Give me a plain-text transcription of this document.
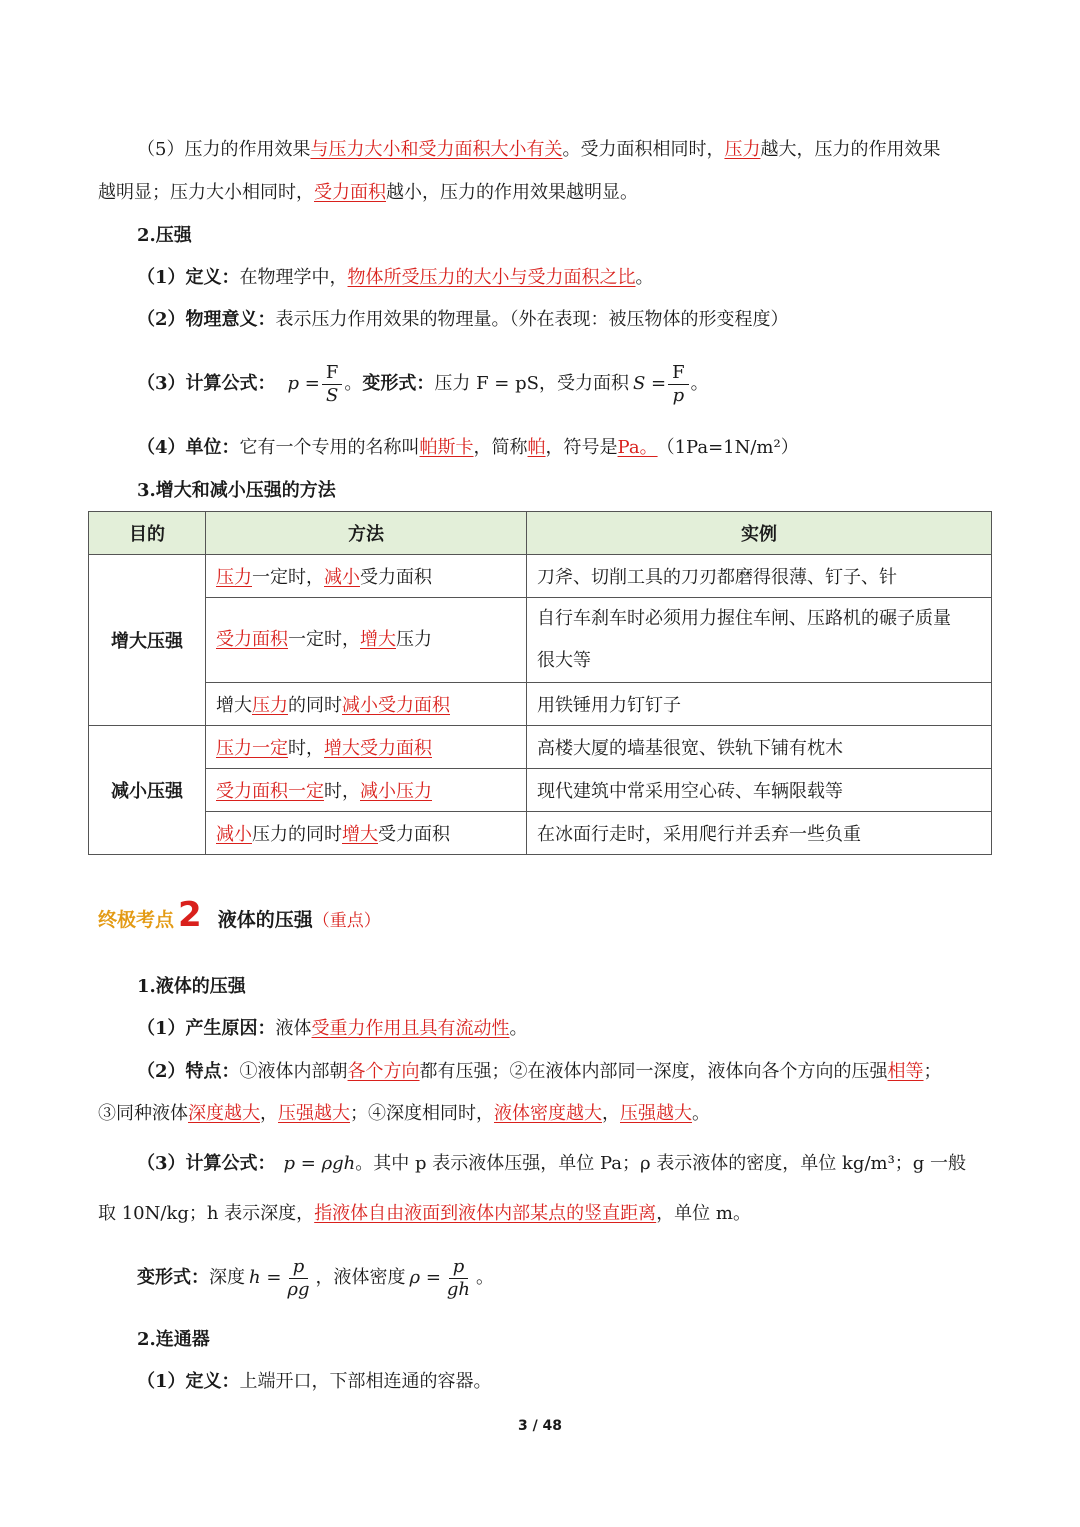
（5）压力的作用效果与压力大小和受力面积大小有关。受力面积相同时，压力越大，压力的作用效果
越明显；压力大小相同时，受力面积越小，压力的作用效果越明显。
2.压强
（1）定义：在物理学中，物体所受压力的大小与受力面积之比。
（2）物理意义：表示压力作用效果的物理量。（外在表现：被压物体的形变程度）
（3）计算公式： $p = \frac{F}{S}$ 。 变形式： 压力 F = pS，受力面积 $S = \frac{F}{p}$ 。
（4）单位：它有一个专用的名称叫帕斯卡，简称帕，符号是Pa。 （1Pa=1N/m²）
3.增大和减小压强的方法
目的	方法	实例
增大压强	压力一定时，减小受力面积	刀斧、切削工具的刀刃都磨得很薄、钉子、针
	受力面积一定时，增大压力	自行车刹车时必须用力握住车闸、压路机的碾子质量
很大等

	增大压力的同时减小受力面积	用铁锤用力钉钉子
减小压强	压力一定时，增大受力面积	高楼大厦的墙基很宽、铁轨下铺有枕木
	受力面积一定时，减小压力	现代建筑中常采用空心砖、车辆限载等
	减小压力的同时增大受力面积	在冰面行走时，采用爬行并丢弃一些负重
终极考点 2 液体的压强 （重点）
1.液体的压强
（1）产生原因：液体受重力作用且具有流动性。
（2）特点：①液体内部朝各个方向都有压强；②在液体内部同一深度，液体向各个方向的压强相等；
③同种液体深度越大，压强越大；④深度相同时，液体密度越大，压强越大。
（3）计算公式： p = ρgh。其中 p 表示液体压强，单位 Pa；ρ 表示液体的密度，单位 kg/m³；g 一般
取 10N/kg；h 表示深度，指液体自由液面到液体内部某点的竖直距离，单位 m。
变形式： 深度 $h = \frac{p}{\rho g}$ ，液体密度 $\rho = \frac{p}{gh}$ 。
2.连通器
（1）定义：上端开口，下部相连通的容器。
3 / 48
